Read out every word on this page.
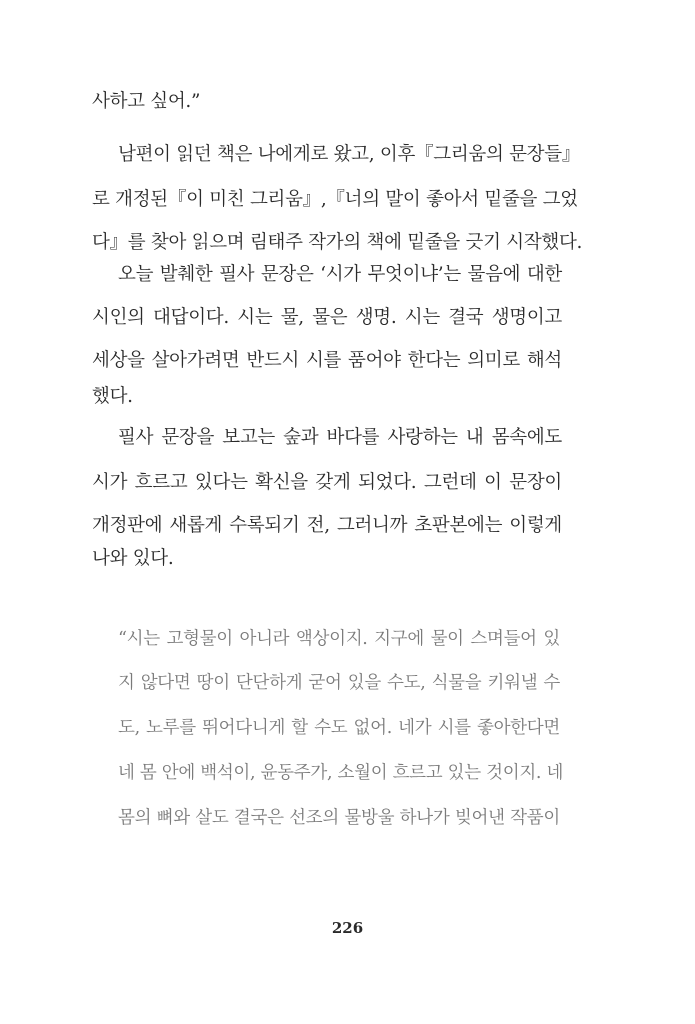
사하고 싶어.”
남편이 읽던 책은 나에게로 왔고, 이후『그리움의 문장들』
로 개정된『이 미친 그리움』,『너의 말이 좋아서 밑줄을 그었
다』를 찾아 읽으며 림태주 작가의 책에 밑줄을 긋기 시작했다.
오늘 발췌한 필사 문장은 ‘시가 무엇이냐’는 물음에 대한
시인의 대답이다. 시는 물, 물은 생명. 시는 결국 생명이고
세상을 살아가려면 반드시 시를 품어야 한다는 의미로 해석
했다.
필사 문장을 보고는 숲과 바다를 사랑하는 내 몸속에도
시가 흐르고 있다는 확신을 갖게 되었다. 그런데 이 문장이
개정판에 새롭게 수록되기 전, 그러니까 초판본에는 이렇게
나와 있다.
“시는 고형물이 아니라 액상이지. 지구에 물이 스며들어 있
지 않다면 땅이 단단하게 굳어 있을 수도, 식물을 키워낼 수
도, 노루를 뛰어다니게 할 수도 없어. 네가 시를 좋아한다면
네 몸 안에 백석이, 윤동주가, 소월이 흐르고 있는 것이지. 네
몸의 뼈와 살도 결국은 선조의 물방울 하나가 빚어낸 작품이
226
